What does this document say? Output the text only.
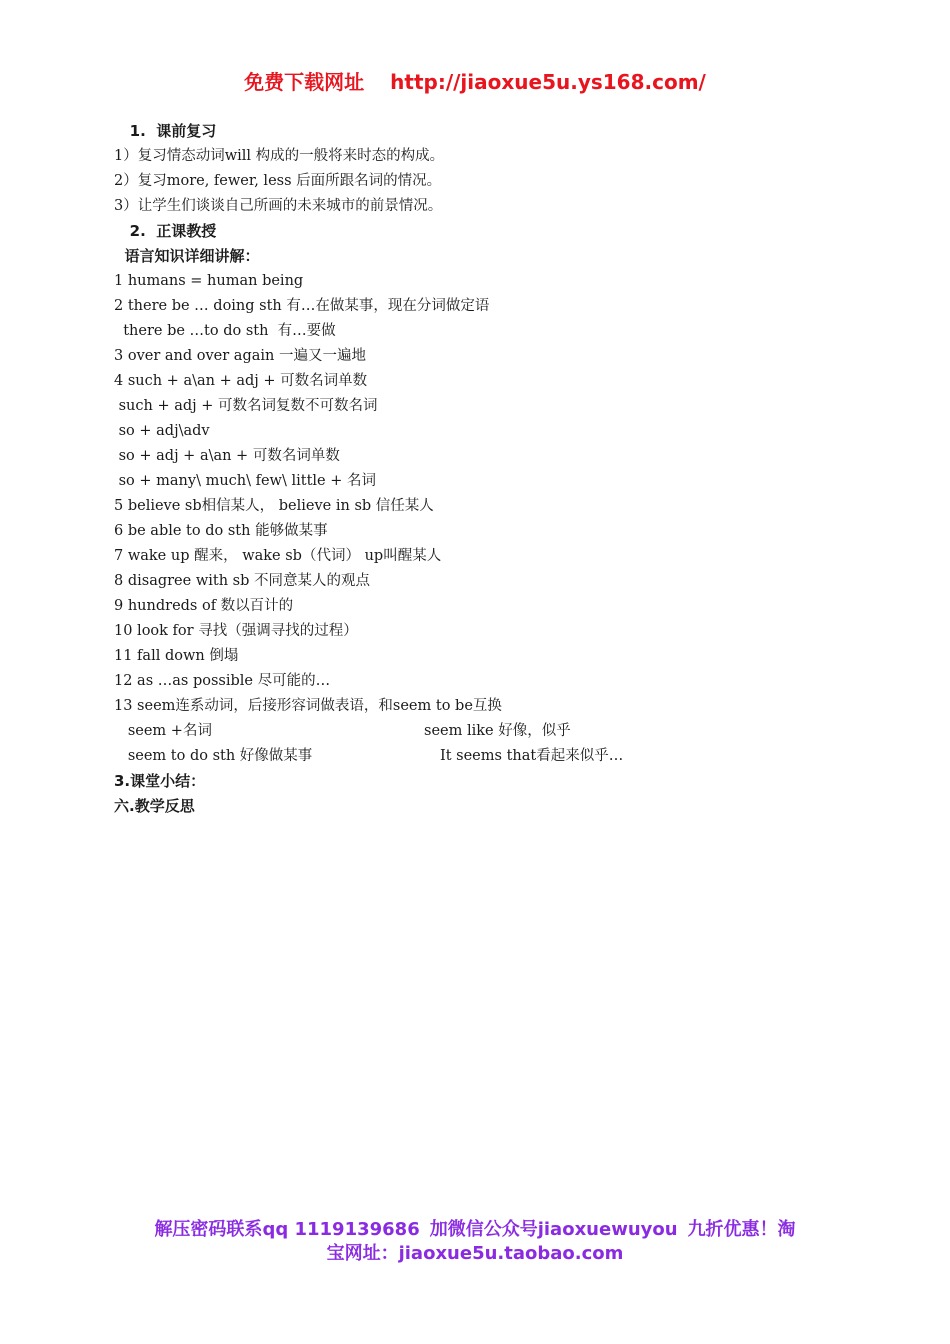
免费下载网址 http://jiaoxue5u.ys168.com/
1.  课前复习
1）复习情态动词will 构成的一般将来时态的构成。
2）复习more, fewer, less 后面所跟名词的情况。
3）让学生们谈谈自己所画的未来城市的前景情况。
2.  正课教授
语言知识详细讲解：
1 humans = human being
2 there be … doing sth 有…在做某事，现在分词做定语
there be …to do sth  有…要做
3 over and over again 一遍又一遍地
4 such + a\an + adj + 可数名词单数
such + adj + 可数名词复数不可数名词
so + adj\adv
so + adj + a\an + 可数名词单数
so + many\ much\ few\ little + 名词
5 believe sb相信某人， believe in sb 信任某人
6 be able to do sth 能够做某事
7 wake up 醒来， wake sb（代词） up叫醒某人
8 disagree with sb 不同意某人的观点
9 hundreds of 数以百计的
10 look for 寻找（强调寻找的过程）
11 fall down 倒塌
12 as …as possible 尽可能的…
13 seem连系动词，后接形容词做表语，和seem to be互换
seem +名词	seem like 好像，似乎
seem to do sth 好像做某事	It seems that看起来似乎…
3.课堂小结：
六.教学反思
解压密码联系qq 1119139686 加微信公众号jiaoxuewuyou 九折优惠！淘
宝网址：jiaoxue5u.taobao.com
